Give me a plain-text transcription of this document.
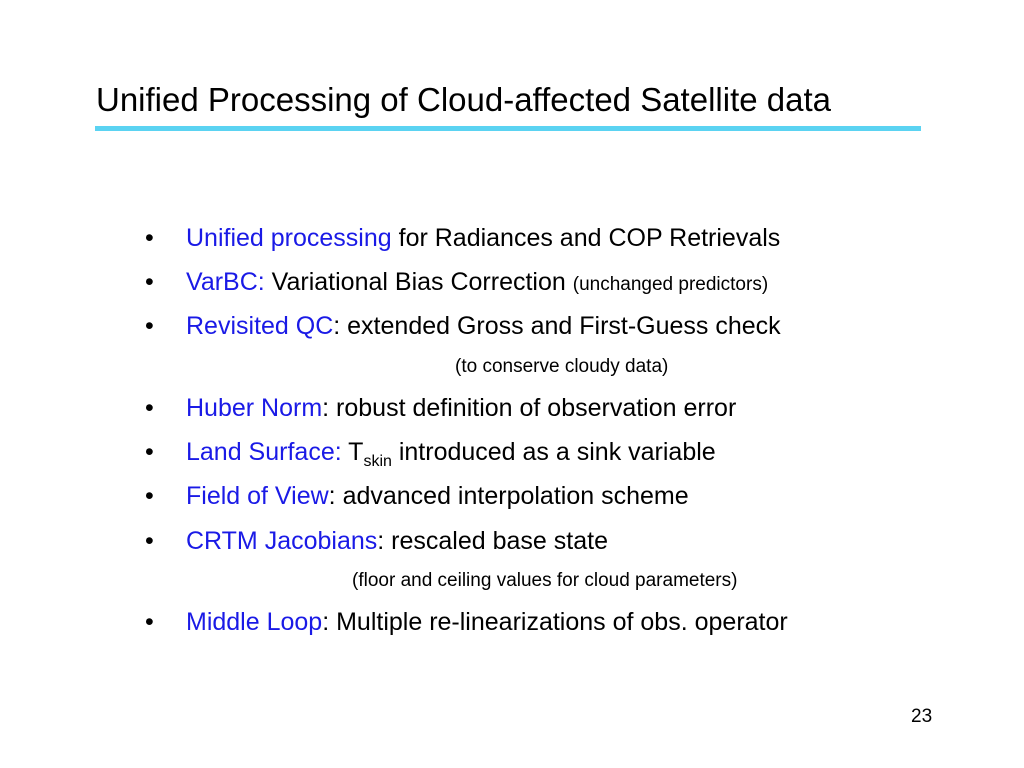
Unified Processing of Cloud-affected Satellite data
• Unified processing for Radiances and COP Retrievals
• VarBC: Variational Bias Correction (unchanged predictors)
• Revisited QC: extended Gross and First-Guess check
• Huber Norm: robust definition of observation error
• Land Surface: $T_{skin}$ introduced as a sink variable
• Field of View: advanced interpolation scheme
• CRTM Jacobians: rescaled base state
• Middle Loop: Multiple re-linearizations of obs. operator
(to conserve cloudy data)
(floor and ceiling values for cloud parameters)
23
